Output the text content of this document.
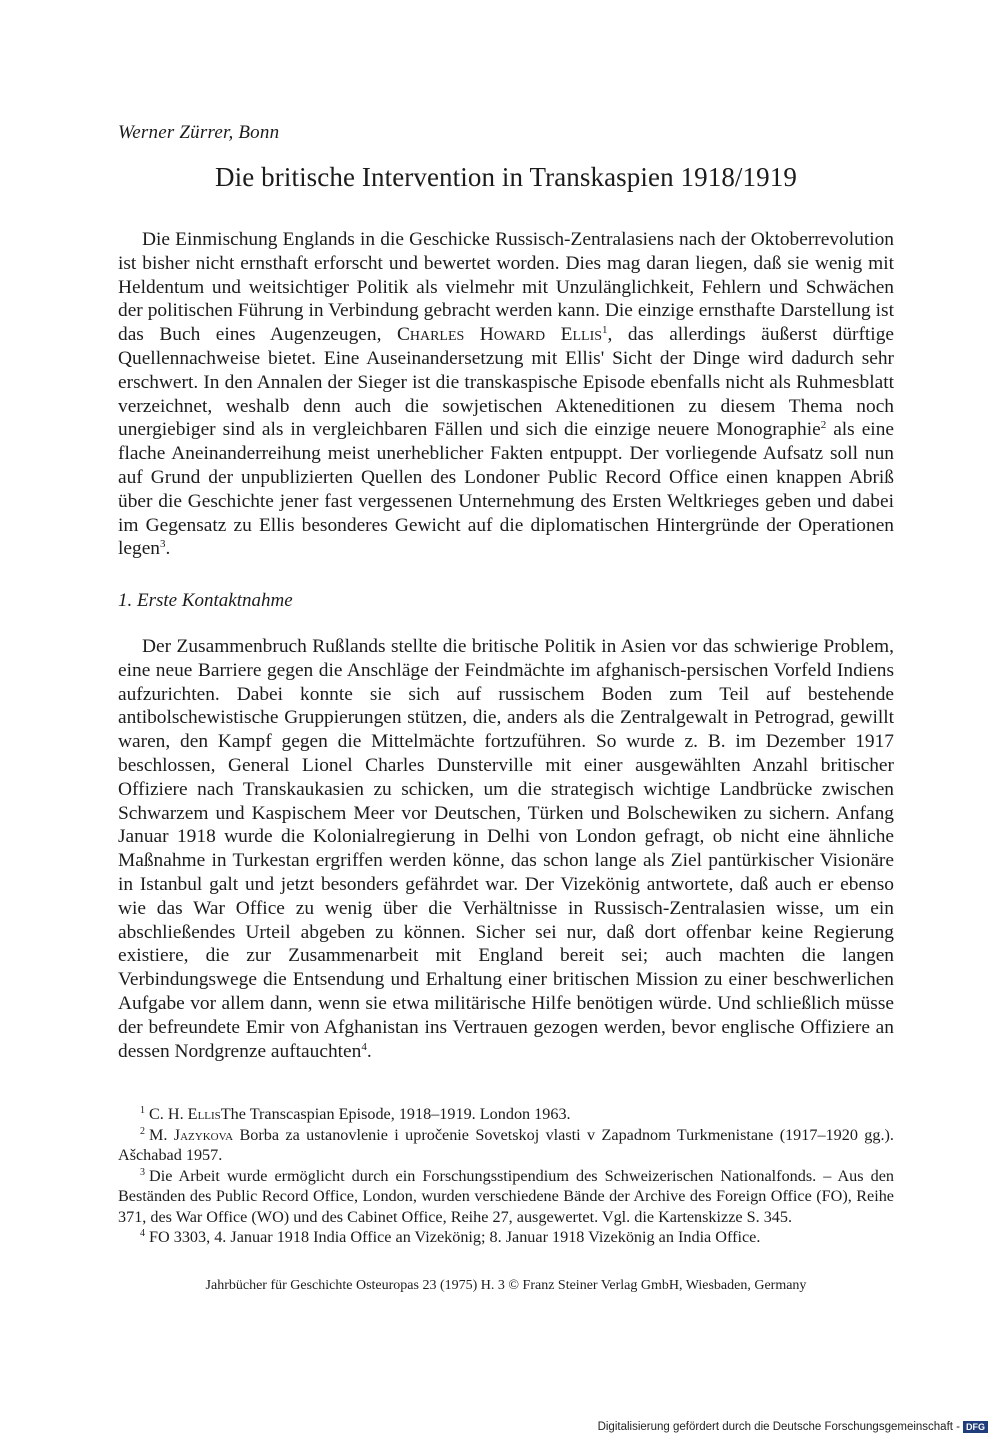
Werner Zürrer, Bonn
Die britische Intervention in Transkaspien 1918/1919

Die Einmischung Englands in die Geschicke Russisch-Zentralasiens nach der Oktoberrevolution ist bisher nicht ernsthaft erforscht und bewertet worden. Dies mag daran liegen, daß sie wenig mit Heldentum und weitsichtiger Politik als vielmehr mit Unzulänglichkeit, Fehlern und Schwächen der politischen Führung in Verbindung gebracht werden kann. Die einzige ernsthafte Darstellung ist das Buch eines Augenzeugen, Charles Howard Ellis$^1$, das allerdings äußerst dürftige Quellennachweise bietet. Eine Auseinandersetzung mit Ellis' Sicht der Dinge wird dadurch sehr erschwert. In den Annalen der Sieger ist die transkaspische Episode ebenfalls nicht als Ruhmesblatt verzeichnet, weshalb denn auch die sowjetischen Akteneditionen zu diesem Thema noch unergiebiger sind als in vergleichbaren Fällen und sich die einzige neuere Monographie$^2$ als eine flache Aneinanderreihung meist unerheblicher Fakten entpuppt. Der vorliegende Aufsatz soll nun auf Grund der unpublizierten Quellen des Londoner Public Record Office einen knappen Abriß über die Geschichte jener fast vergessenen Unternehmung des Ersten Weltkrieges geben und dabei im Gegensatz zu Ellis besonderes Gewicht auf die diplomatischen Hintergründe der Operationen legen$^3$.

1. Erste Kontaktnahme

Der Zusammenbruch Rußlands stellte die britische Politik in Asien vor das schwierige Problem, eine neue Barriere gegen die Anschläge der Feindmächte im afghanisch-persischen Vorfeld Indiens aufzurichten. Dabei konnte sie sich auf russischem Boden zum Teil auf bestehende antibolschewistische Gruppierungen stützen, die, anders als die Zentralgewalt in Petrograd, gewillt waren, den Kampf gegen die Mittelmächte fortzuführen. So wurde z. B. im Dezember 1917 beschlossen, General Lionel Charles Dunsterville mit einer ausgewählten Anzahl britischer Offiziere nach Transkaukasien zu schicken, um die strategisch wichtige Landbrücke zwischen Schwarzem und Kaspischem Meer vor Deutschen, Türken und Bolschewiken zu sichern. Anfang Januar 1918 wurde die Kolonialregierung in Delhi von London gefragt, ob nicht eine ähnliche Maßnahme in Turkestan ergriffen werden könne, das schon lange als Ziel pantürkischer Visionäre in Istanbul galt und jetzt besonders gefährdet war. Der Vizekönig antwortete, daß auch er ebenso wie das War Office zu wenig über die Verhältnisse in Russisch-Zentralasien wisse, um ein abschließendes Urteil abgeben zu können. Sicher sei nur, daß dort offenbar keine Regierung existiere, die zur Zusammenarbeit mit England bereit sei; auch machten die langen Verbindungswege die Entsendung und Erhaltung einer britischen Mission zu einer beschwerlichen Aufgabe vor allem dann, wenn sie etwa militärische Hilfe benötigen würde. Und schließlich müsse der befreundete Emir von Afghanistan ins Vertrauen gezogen werden, bevor englische Offiziere an dessen Nordgrenze auftauchten$^4$.

$^1$ C. H. EllisThe Transcaspian Episode, 1918–1919. London 1963.

$^2$ M. Jazykova Borba za ustanovlenie i upročenie Sovetskoj vlasti v Zapadnom Turkmenistane (1917–1920 gg.). Ašchabad 1957.

$^3$ Die Arbeit wurde ermöglicht durch ein Forschungsstipendium des Schweizerischen Nationalfonds. – Aus den Beständen des Public Record Office, London, wurden verschiedene Bände der Archive des Foreign Office (FO), Reihe 371, des War Office (WO) und des Cabinet Office, Reihe 27, ausgewertet. Vgl. die Kartenskizze S. 345.

$^4$ FO 3303, 4. Januar 1918 India Office an Vizekönig; 8. Januar 1918 Vizekönig an India Office.

Jahrbücher für Geschichte Osteuropas 23 (1975) H. 3 © Franz Steiner Verlag GmbH, Wiesbaden, Germany
Digitalisierung gefördert durch die Deutsche Forschungsgemeinschaft - DFG
